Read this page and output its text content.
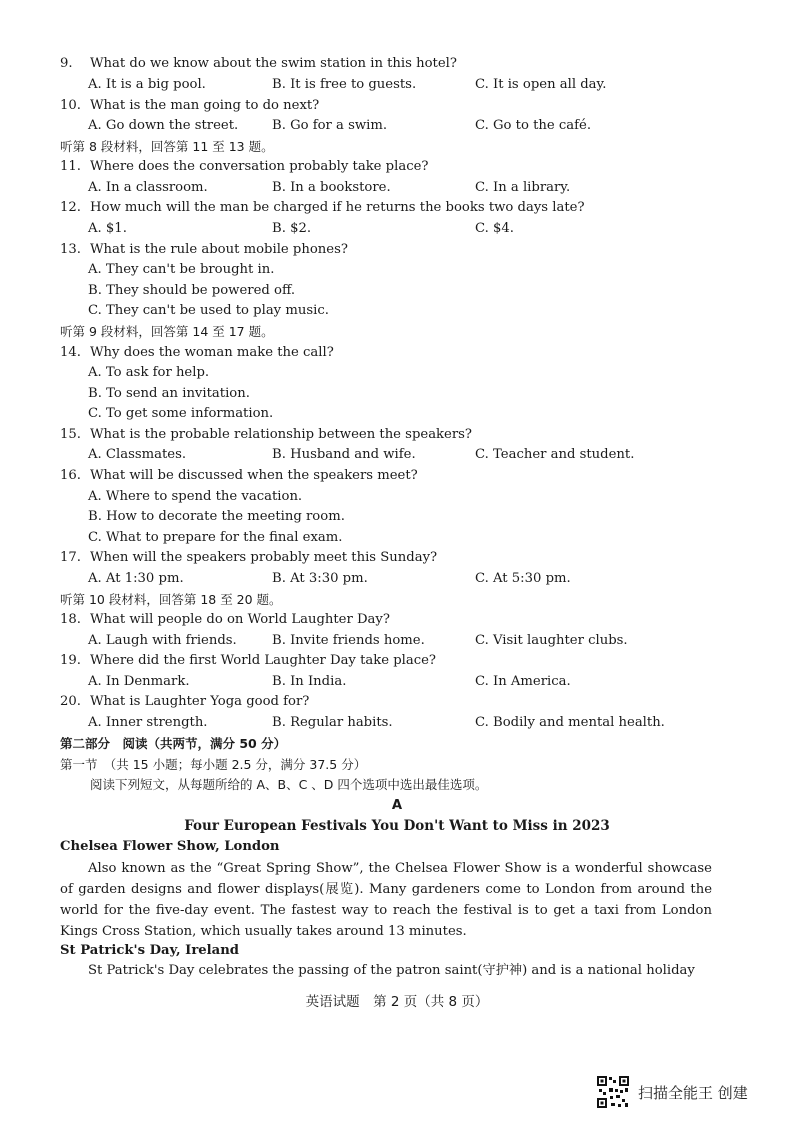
9. What do we know about the swim station in this hotel?
A. It is a big pool.	B. It is free to guests.	C. It is open all day.
10. What is the man going to do next?
A. Go down the street.	B. Go for a swim.	C. Go to the café.
听第 8 段材料，回答第 11 至 13 题。
11. Where does the conversation probably take place?
A. In a classroom.	B. In a bookstore.	C. In a library.
12. How much will the man be charged if he returns the books two days late?
A. $1.	B. $2.	C. $4.
13. What is the rule about mobile phones?
A. They can't be brought in.
B. They should be powered off.
C. They can't be used to play music.
听第 9 段材料，回答第 14 至 17 题。
14. Why does the woman make the call?
A. To ask for help.
B. To send an invitation.
C. To get some information.
15. What is the probable relationship between the speakers?
A. Classmates.	B. Husband and wife.	C. Teacher and student.
16. What will be discussed when the speakers meet?
A. Where to spend the vacation.
B. How to decorate the meeting room.
C. What to prepare for the final exam.
17. When will the speakers probably meet this Sunday?
A. At 1:30 pm.	B. At 3:30 pm.	C. At 5:30 pm.
听第 10 段材料，回答第 18 至 20 题。
18. What will people do on World Laughter Day?
A. Laugh with friends.	B. Invite friends home.	C. Visit laughter clubs.
19. Where did the first World Laughter Day take place?
A. In Denmark.	B. In India.	C. In America.
20. What is Laughter Yoga good for?
A. Inner strength.	B. Regular habits.	C. Bodily and mental health.
第二部分　阅读（共两节，满分 50 分）
第一节　（共 15 小题；每小题 2.5 分，满分 37.5 分）
阅读下列短文，从每题所给的 A、B、C 、D 四个选项中选出最佳选项。
A
Four European Festivals You Don't Want to Miss in 2023
Chelsea Flower Show, London
Also known as the “Great Spring Show”, the Chelsea Flower Show is a wonderful showcase of garden designs and flower displays(展览). Many gardeners come to London from around the world for the five-day event. The fastest way to reach the festival is to get a taxi from London Kings Cross Station, which usually takes around 13 minutes.
St Patrick's Day, Ireland
St Patrick's Day celebrates the passing of the patron saint(守护神) and is a national holiday
英语试题　第 2 页（共 8 页）
扫描全能王 创建
